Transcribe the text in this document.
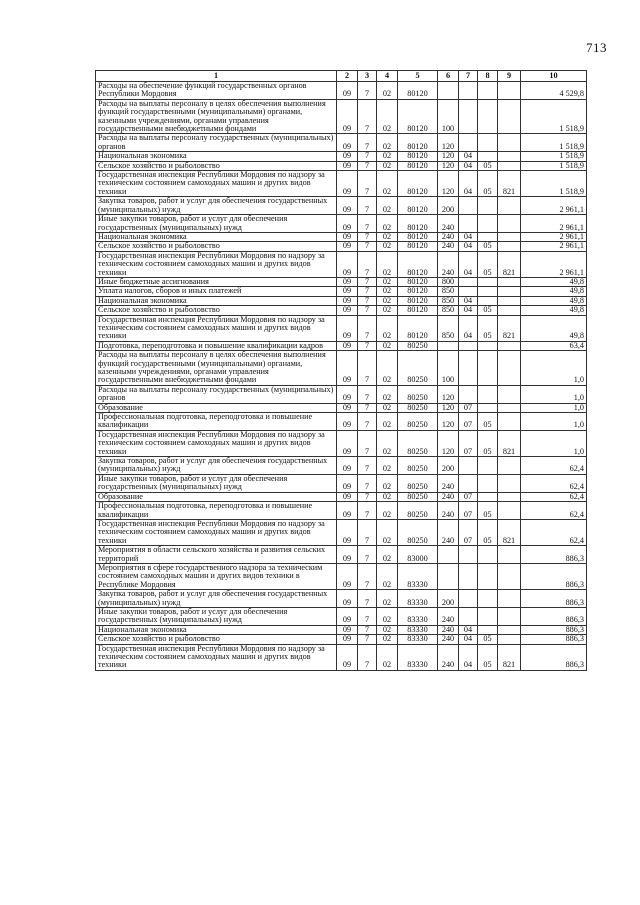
713
1	2	3	4	5	6	7	8	9	10
Расходы на обеспечение функций государственных органов Республики Мордовия	09	7	02	80120					4 529,8
Расходы на выплаты персоналу в целях обеспечения выполнения функций государственными (муниципальными) органами, казенными учреждениями, органами управления государственными внебюджетными фондами	09	7	02	80120	100				1 518,9
Расходы на выплаты персоналу государственных (муниципальных) органов	09	7	02	80120	120				1 518,9
Национальная экономика	09	7	02	80120	120	04			1 518,9
Сельское хозяйство и рыболовство	09	7	02	80120	120	04	05		1 518,9
Государственная инспекция Республики Мордовия по надзору за техническим состоянием самоходных машин и других видов техники	09	7	02	80120	120	04	05	821	1 518,9
Закупка товаров, работ и услуг для обеспечения государственных (муниципальных) нужд	09	7	02	80120	200				2 961,1
Иные закупки товаров, работ и услуг для обеспечения государственных (муниципальных) нужд	09	7	02	80120	240				2 961,1
Национальная экономика	09	7	02	80120	240	04			2 961,1
Сельское хозяйство и рыболовство	09	7	02	80120	240	04	05		2 961,1
Государственная инспекция Республики Мордовия по надзору за техническим состоянием самоходных машин и других видов техники	09	7	02	80120	240	04	05	821	2 961,1
Иные бюджетные ассигнования	09	7	02	80120	800				49,8
Уплата налогов, сборов и иных платежей	09	7	02	80120	850				49,8
Национальная экономика	09	7	02	80120	850	04			49,8
Сельское хозяйство и рыболовство	09	7	02	80120	850	04	05		49,8
Государственная инспекция Республики Мордовия по надзору за техническим состоянием самоходных машин и других видов техники	09	7	02	80120	850	04	05	821	49,8
Подготовка, переподготовка и повышение квалификации кадров	09	7	02	80250					63,4
Расходы на выплаты персоналу в целях обеспечения выполнения функций государственными (муниципальными) органами, казенными учреждениями, органами управления государственными внебюджетными фондами	09	7	02	80250	100				1,0
Расходы на выплаты персоналу государственных (муниципальных) органов	09	7	02	80250	120				1,0
Образование	09	7	02	80250	120	07			1,0
Профессиональная подготовка, переподготовка и повышение квалификации	09	7	02	80250	120	07	05		1,0
Государственная инспекция Республики Мордовия по надзору за техническим состоянием самоходных машин и других видов техники	09	7	02	80250	120	07	05	821	1,0
Закупка товаров, работ и услуг для обеспечения государственных (муниципальных) нужд	09	7	02	80250	200				62,4
Иные закупки товаров, работ и услуг для обеспечения государственных (муниципальных) нужд	09	7	02	80250	240				62,4
Образование	09	7	02	80250	240	07			62,4
Профессиональная подготовка, переподготовка и повышение квалификации	09	7	02	80250	240	07	05		62,4
Государственная инспекция Республики Мордовия по надзору за техническим состоянием самоходных машин и других видов техники	09	7	02	80250	240	07	05	821	62,4
Мероприятия в области сельского хозяйства и развития сельских территорий	09	7	02	83000					886,3
Мероприятия в сфере государственного надзора за техническим состоянием самоходных машин и других видов техники в Республике Мордовия	09	7	02	83330					886,3
Закупка товаров, работ и услуг для обеспечения государственных (муниципальных) нужд	09	7	02	83330	200				886,3
Иные закупки товаров, работ и услуг для обеспечения государственных (муниципальных) нужд	09	7	02	83330	240				886,3
Национальная экономика	09	7	02	83330	240	04			886,3
Сельское хозяйство и рыболовство	09	7	02	83330	240	04	05		886,3
Государственная инспекция Республики Мордовия по надзору за техническим состоянием самоходных машин и других видов техники	09	7	02	83330	240	04	05	821	886,3
